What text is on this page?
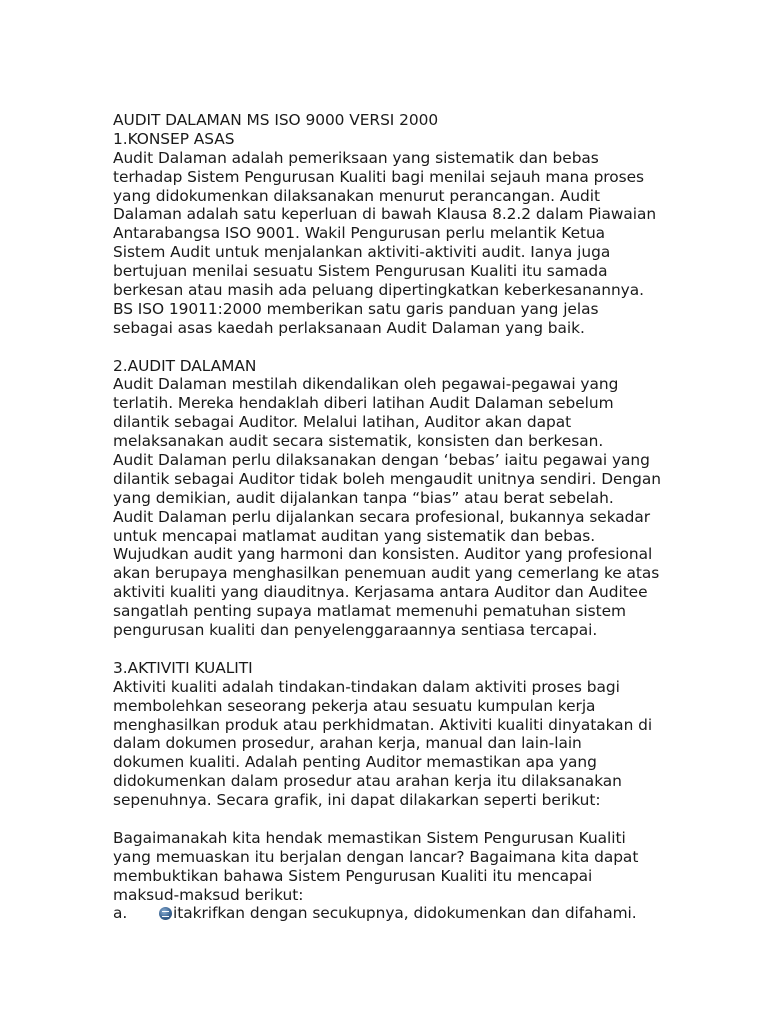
AUDIT DALAMAN MS ISO 9000 VERSI 2000
1.KONSEP ASAS
Audit Dalaman adalah pemeriksaan yang sistematik dan bebas
terhadap Sistem Pengurusan Kualiti bagi menilai sejauh mana proses
yang didokumenkan dilaksanakan menurut perancangan. Audit
Dalaman adalah satu keperluan di bawah Klausa 8.2.2 dalam Piawaian
Antarabangsa ISO 9001. Wakil Pengurusan perlu melantik Ketua
Sistem Audit untuk menjalankan aktiviti-aktiviti audit. Ianya juga
bertujuan menilai sesuatu Sistem Pengurusan Kualiti itu samada
berkesan atau masih ada peluang dipertingkatkan keberkesanannya.
BS ISO 19011:2000 memberikan satu garis panduan yang jelas
sebagai asas kaedah perlaksanaan Audit Dalaman yang baik.
2.AUDIT DALAMAN
Audit Dalaman mestilah dikendalikan oleh pegawai-pegawai yang
terlatih. Mereka hendaklah diberi latihan Audit Dalaman sebelum
dilantik sebagai Auditor. Melalui latihan, Auditor akan dapat
melaksanakan audit secara sistematik, konsisten dan berkesan.
Audit Dalaman perlu dilaksanakan dengan ‘bebas’ iaitu pegawai yang
dilantik sebagai Auditor tidak boleh mengaudit unitnya sendiri. Dengan
yang demikian, audit dijalankan tanpa “bias” atau berat sebelah.
Audit Dalaman perlu dijalankan secara profesional, bukannya sekadar
untuk mencapai matlamat auditan yang sistematik dan bebas.
Wujudkan audit yang harmoni dan konsisten. Auditor yang profesional
akan berupaya menghasilkan penemuan audit yang cemerlang ke atas
aktiviti kualiti yang diauditnya. Kerjasama antara Auditor dan Auditee
sangatlah penting supaya matlamat memenuhi pematuhan sistem
pengurusan kualiti dan penyelenggaraannya sentiasa tercapai.
3.AKTIVITI KUALITI
Aktiviti kualiti adalah tindakan-tindakan dalam aktiviti proses bagi
membolehkan seseorang pekerja atau sesuatu kumpulan kerja
menghasilkan produk atau perkhidmatan. Aktiviti kualiti dinyatakan di
dalam dokumen prosedur, arahan kerja, manual dan lain-lain
dokumen kualiti. Adalah penting Auditor memastikan apa yang
didokumenkan dalam prosedur atau arahan kerja itu dilaksanakan
sepenuhnya. Secara grafik, ini dapat dilakarkan seperti berikut:
Bagaimanakah kita hendak memastikan Sistem Pengurusan Kualiti
yang memuaskan itu berjalan dengan lancar? Bagaimana kita dapat
membuktikan bahawa Sistem Pengurusan Kualiti itu mencapai
maksud-maksud berikut:
a.	itakrifkan dengan secukupnya, didokumenkan dan difahami.
